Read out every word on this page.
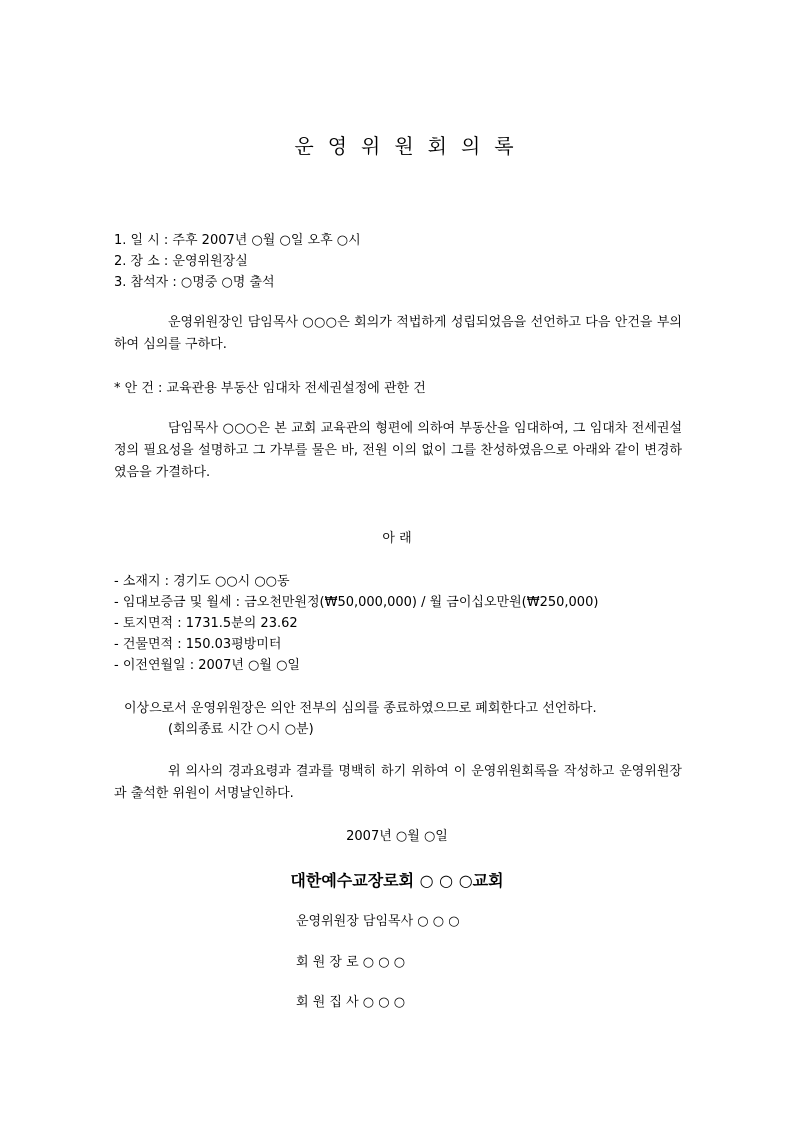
운영위원회의록
1. 일 시 : 주후 2007년 ○월 ○일 오후 ○시
2. 장 소 : 운영위원장실
3. 참석자 : ○명중 ○명 출석
운영위원장인 담임목사 ○○○은 회의가 적법하게 성립되었음을 선언하고 다음 안건을 부의하여 심의를 구하다.
* 안 건 : 교육관용 부동산 임대차 전세권설정에 관한 건
담임목사 ○○○은 본 교회 교육관의 형편에 의하여 부동산을 임대하여, 그 임대차 전세권설정의 필요성을 설명하고 그 가부를 물은 바, 전원 이의 없이 그를 찬성하였음으로 아래와 같이 변경하였음을 가결하다.
아 래
- 소재지 : 경기도 ○○시 ○○동
- 임대보증금 및 월세 : 금오천만원정(₩50,000,000) / 월 금이십오만원(₩250,000)
- 토지면적 : 1731.5분의 23.62
- 건물면적 : 150.03평방미터
- 이전연월일 : 2007년 ○월 ○일
이상으로서 운영위원장은 의안 전부의 심의를 종료하였으므로 폐회한다고 선언하다.
(회의종료 시간 ○시 ○분)
위 의사의 경과요령과 결과를 명백히 하기 위하여 이 운영위원회록을 작성하고 운영위원장과 출석한 위원이 서명날인하다.
2007년 ○월 ○일
대한예수교장로회 ○ ○ ○교회
운영위원장 담임목사 ○ ○ ○
회 원 장 로 ○ ○ ○
회 원 집 사 ○ ○ ○
